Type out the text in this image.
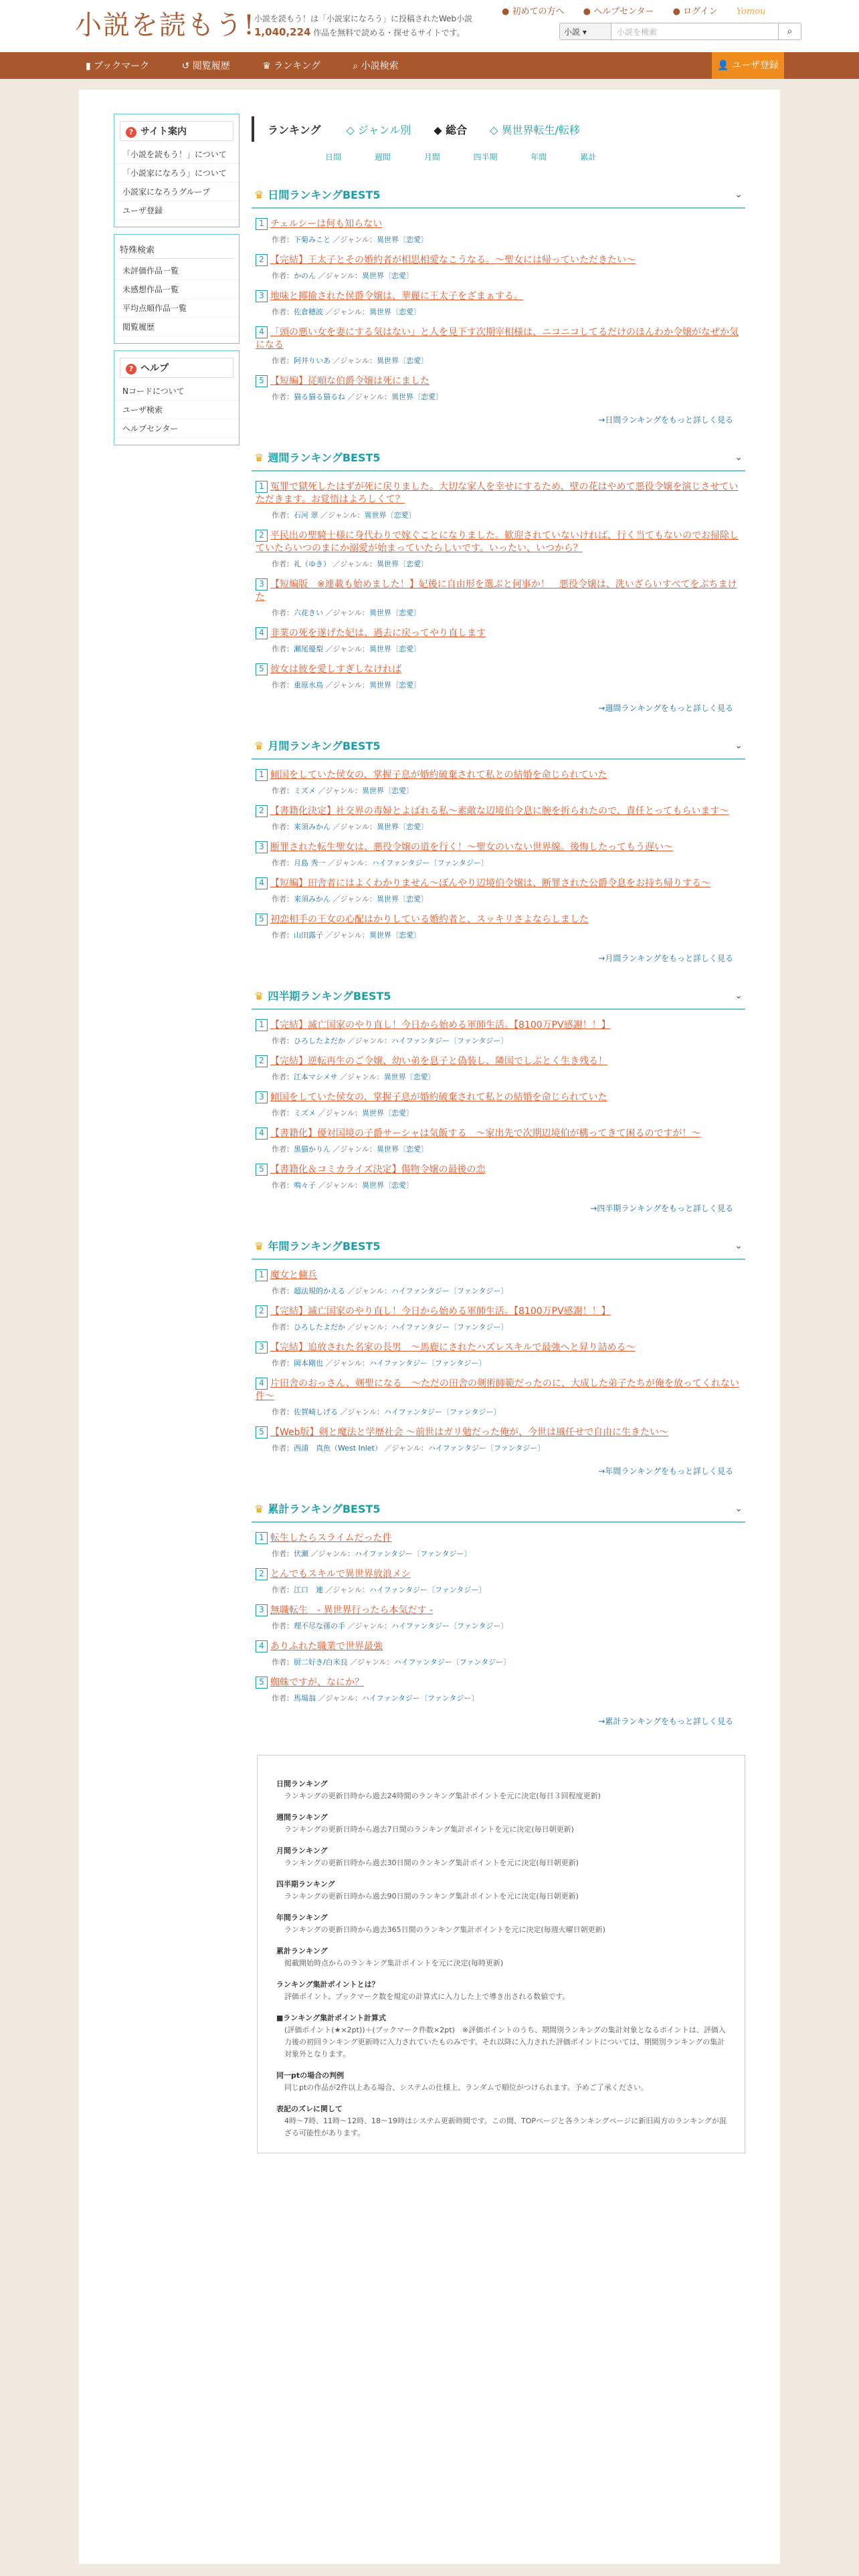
小説を読もう!
小説を読もう！は「小説家になろう」に投稿されたWeb小説
1,040,224 作品を無料で読める・探せるサイトです。
● 初めての方へ ● ヘルプセンター ● ログイン Yomou
小説 ▾	小説を検索	⌕
▮ ブックマーク	↺ 閲覧履歴	♛ ランキング	⌕ 小説検索	👤 ユーザ登録
? サイト案内
「小説を読もう！」について
「小説家になろう」について
小説家になろうグループ
ユーザ登録
特殊検索
未評価作品一覧
未感想作品一覧
平均点順作品一覧
閲覧履歴
? ヘルプ
Nコードについて
ユーザ検索
ヘルプセンター
ランキング ◇ ジャンル別 ◆ 総合 ◇ 異世界転生/転移
日間	週間	月間	四半期	年間	累計
♛ 日間ランキングBEST5	⌄
1 チェルシーは何も知らない
作者：下菊みこと ／ジャンル：異世界〔恋愛〕
2 【完結】王太子とその婚約者が相思相愛なこうなる。〜聖女には帰っていただきたい〜
作者：かのん ／ジャンル：異世界〔恋愛〕
3 地味と揶揄された侯爵令嬢は、華麗に王太子をざまぁする。
作者：佐倉穂波 ／ジャンル：異世界〔恋愛〕
4 「頭の悪い女を妻にする気はない」と人を見下す次期宰相様は、ニコニコしてるだけのほんわか令嬢がなぜか気になる
作者：阿井りいあ ／ジャンル：異世界〔恋愛〕
5 【短編】従順な伯爵令嬢は死にました
作者：猫る猫る猫るね ／ジャンル：異世界〔恋愛〕
→日間ランキングをもっと詳しく見る
♛ 週間ランキングBEST5	⌄
1 冤罪で獄死したはずが死に戻りました。大切な家人を幸せにするため、壁の花はやめて悪役令嬢を演じさせていただきます。お覚悟はよろしくて？
作者：石河 翠 ／ジャンル：異世界〔恋愛〕
2 平民出の聖騎士様に身代わりで嫁ぐことになりました。歓迎されていないければ、行く当てもないのでお掃除していたらいつのまにか溺愛が始まっていたらしいです。いったい、いつから？
作者：礼（ゆき） ／ジャンル：異世界〔恋愛〕
3 【短編版　※連載も始めました！】妃後に自由形を選ぶと何事か！　悪役令嬢は、洗いざらいすべてをぶちまけた
作者：六花きい ／ジャンル：異世界〔恋愛〕
4 非業の死を遂げた妃は、過去に戻ってやり直します
作者：瀬尾優梨 ／ジャンル：異世界〔恋愛〕
5 彼女は彼を愛しすぎしなければ
作者：重原水鳥 ／ジャンル：異世界〔恋愛〕
→週間ランキングをもっと詳しく見る
♛ 月間ランキングBEST5	⌄
1 傾国をしていた侯女の、掌握子息が婚約破棄されて私との結婚を命じられていた
作者：ミズメ ／ジャンル：異世界〔恋愛〕
2 【書籍化決定】社交界の毒婦とよばれる私〜素敵な辺境伯令息に腕を折られたので、責任とってもらいます〜
作者：来須みかん ／ジャンル：異世界〔恋愛〕
3 断罪された転生聖女は、悪役令嬢の道を行く！〜聖女のいない世界線。後悔したってもう遅い〜
作者：月島 秀一 ／ジャンル：ハイファンタジー〔ファンタジー〕
4 【短編】田舎者にはよくわかりません〜ぼんやり辺境伯令嬢は、断罪された公爵令息をお持ち帰りする〜
作者：来須みかん ／ジャンル：異世界〔恋愛〕
5 初恋相手の王女の心配はかりしている婚約者と、スッキリさよならしました
作者：山田露子 ／ジャンル：異世界〔恋愛〕
→月間ランキングをもっと詳しく見る
♛ 四半期ランキングBEST5	⌄
1 【完結】滅亡国家のやり直し！今日から始める軍師生活。【8100万PV感謝！！】
作者：ひろしたよだか ／ジャンル：ハイファンタジー〔ファンタジー〕
2 【完結】逆転再生のご令嬢、幼い弟を息子と偽装し、隣国でしぶとく生き残る！
作者：江本マシメサ ／ジャンル：異世界〔恋愛〕
3 傾国をしていた侯女の、掌握子息が婚約破棄されて私との結婚を命じられていた
作者：ミズメ ／ジャンル：異世界〔恋愛〕
4 【書籍化】優対国境の子爵サーシャは気飯する　〜家出先で次期辺境伯が構ってきて困るのですが！〜
作者：黒猫かりん ／ジャンル：異世界〔恋愛〕
5 【書籍化＆コミカライズ決定】傷物令嬢の最後の恋
作者：鳴々子 ／ジャンル：異世界〔恋愛〕
→四半期ランキングをもっと詳しく見る
♛ 年間ランキングBEST5	⌄
1 魔女と傭兵
作者：超法規的かえる ／ジャンル：ハイファンタジー〔ファンタジー〕
2 【完結】滅亡国家のやり直し！今日から始める軍師生活。【8100万PV感謝！！】
作者：ひろしたよだか ／ジャンル：ハイファンタジー〔ファンタジー〕
3 【完結】追放された名家の長男　〜馬鹿にされたハズレスキルで最強へと昇り詰める〜
作者：岡本剛也 ／ジャンル：ハイファンタジー〔ファンタジー〕
4 片田舎のおっさん、剣聖になる　〜ただの田舎の剣術師範だったのに、大成した弟子たちが俺を放ってくれない件〜
作者：佐賀崎しげる ／ジャンル：ハイファンタジー〔ファンタジー〕
5 【Web版】剣と魔法と学歴社会 〜前世はガリ勉だった俺が、今世は風任せで自由に生きたい〜
作者：西浦　真魚（West Inlet） ／ジャンル：ハイファンタジー〔ファンタジー〕
→年間ランキングをもっと詳しく見る
♛ 累計ランキングBEST5	⌄
1 転生したらスライムだった件
作者：伏瀬 ／ジャンル：ハイファンタジー〔ファンタジー〕
2 とんでもスキルで異世界放浪メシ
作者：江口　連 ／ジャンル：ハイファンタジー〔ファンタジー〕
3 無職転生　- 異世界行ったら本気だす -
作者：理不尽な孫の手 ／ジャンル：ハイファンタジー〔ファンタジー〕
4 ありふれた職業で世界最強
作者：厨二好き/白米良 ／ジャンル：ハイファンタジー〔ファンタジー〕
5 蜘蛛ですが、なにか？
作者：馬場翁 ／ジャンル：ハイファンタジー〔ファンタジー〕
→累計ランキングをもっと詳しく見る
日間ランキング
ランキングの更新日時から過去24時間のランキング集計ポイントを元に決定(毎日３回程度更新)
週間ランキング
ランキングの更新日時から過去7日間のランキング集計ポイントを元に決定(毎日朝更新)
月間ランキング
ランキングの更新日時から過去30日間のランキング集計ポイントを元に決定(毎日朝更新)
四半期ランキング
ランキングの更新日時から過去90日間のランキング集計ポイントを元に決定(毎日朝更新)
年間ランキング
ランキングの更新日時から過去365日間のランキング集計ポイントを元に決定(毎週火曜日朝更新)
累計ランキング
掲載開始時点からのランキング集計ポイントを元に決定(毎時更新)
ランキング集計ポイントとは？
評価ポイント、ブックマーク数を規定の計算式に入力した上で導き出される数値です。
■ランキング集計ポイント計算式
(評価ポイント(★×2pt))＋(ブックマーク件数×2pt)　※評価ポイントのうち、期間別ランキングの集計対象となるポイントは、評価入力後の初回ランキング更新時に入力されていたものみです。それ以降に入力された評価ポイントについては、期間別ランキングの集計対象外となります。
同一ptの場合の判例
同じptの作品が2件以上ある場合、システムの仕様上、ランダムで順位がつけられます。予めご了承ください。
表記のズレに関して
4時〜7時、11時〜12時、18〜19時はシステム更新時間です。この間、TOPページと各ランキングページに新旧両方のランキングが混ざる可能性があります。
